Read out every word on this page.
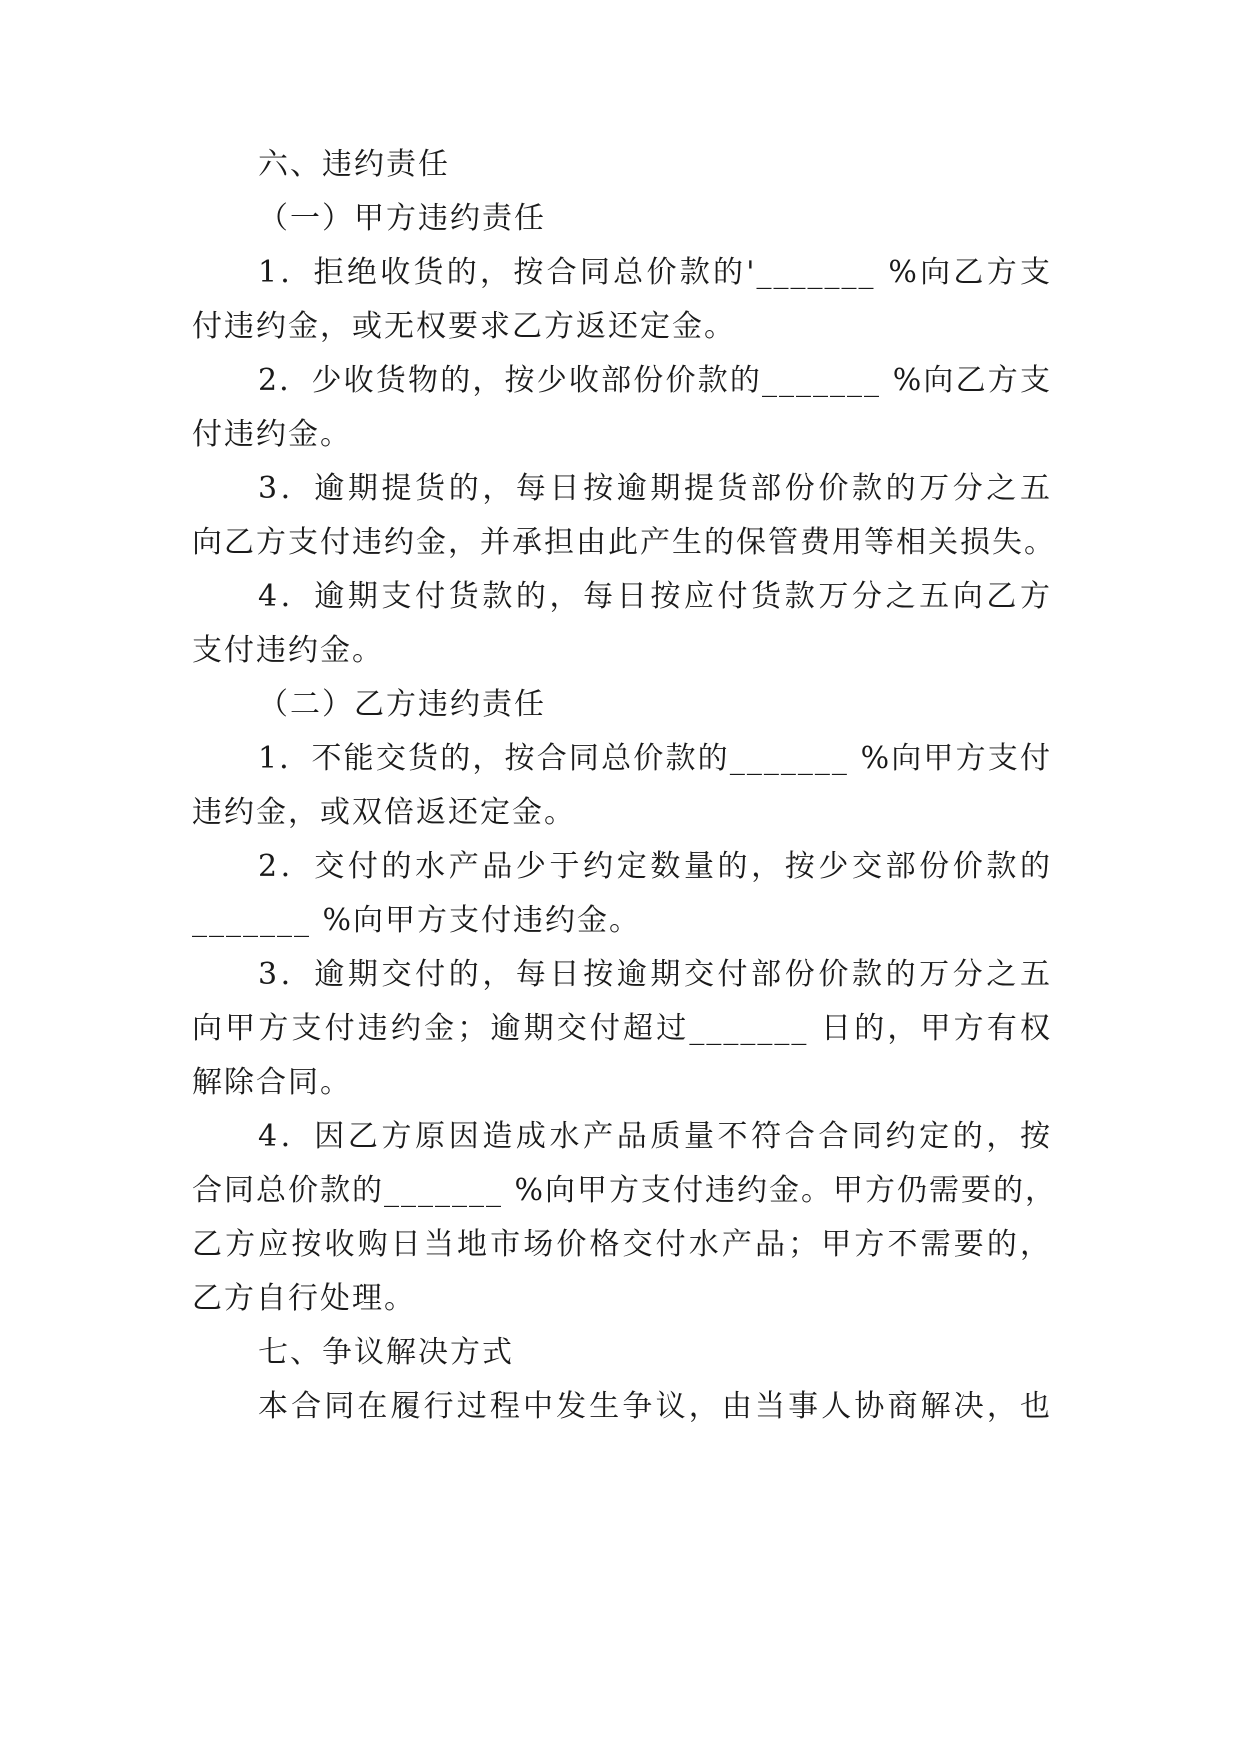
六、违约责任
（一）甲方违约责任
1．拒绝收货的，按合同总价款的'_______ %向乙方支
付违约金，或无权要求乙方返还定金。
2．少收货物的，按少收部份价款的_______ %向乙方支
付违约金。
3．逾期提货的，每日按逾期提货部份价款的万分之五
向乙方支付违约金，并承担由此产生的保管费用等相关损失。
4．逾期支付货款的，每日按应付货款万分之五向乙方
支付违约金。
（二）乙方违约责任
1．不能交货的，按合同总价款的_______ %向甲方支付
违约金，或双倍返还定金。
2．交付的水产品少于约定数量的，按少交部份价款的
_______ %向甲方支付违约金。
3．逾期交付的，每日按逾期交付部份价款的万分之五
向甲方支付违约金；逾期交付超过_______ 日的，甲方有权
解除合同。
4．因乙方原因造成水产品质量不符合合同约定的，按
合同总价款的_______ %向甲方支付违约金。甲方仍需要的，
乙方应按收购日当地市场价格交付水产品；甲方不需要的，
乙方自行处理。
七、争议解决方式
本合同在履行过程中发生争议，由当事人协商解决，也
